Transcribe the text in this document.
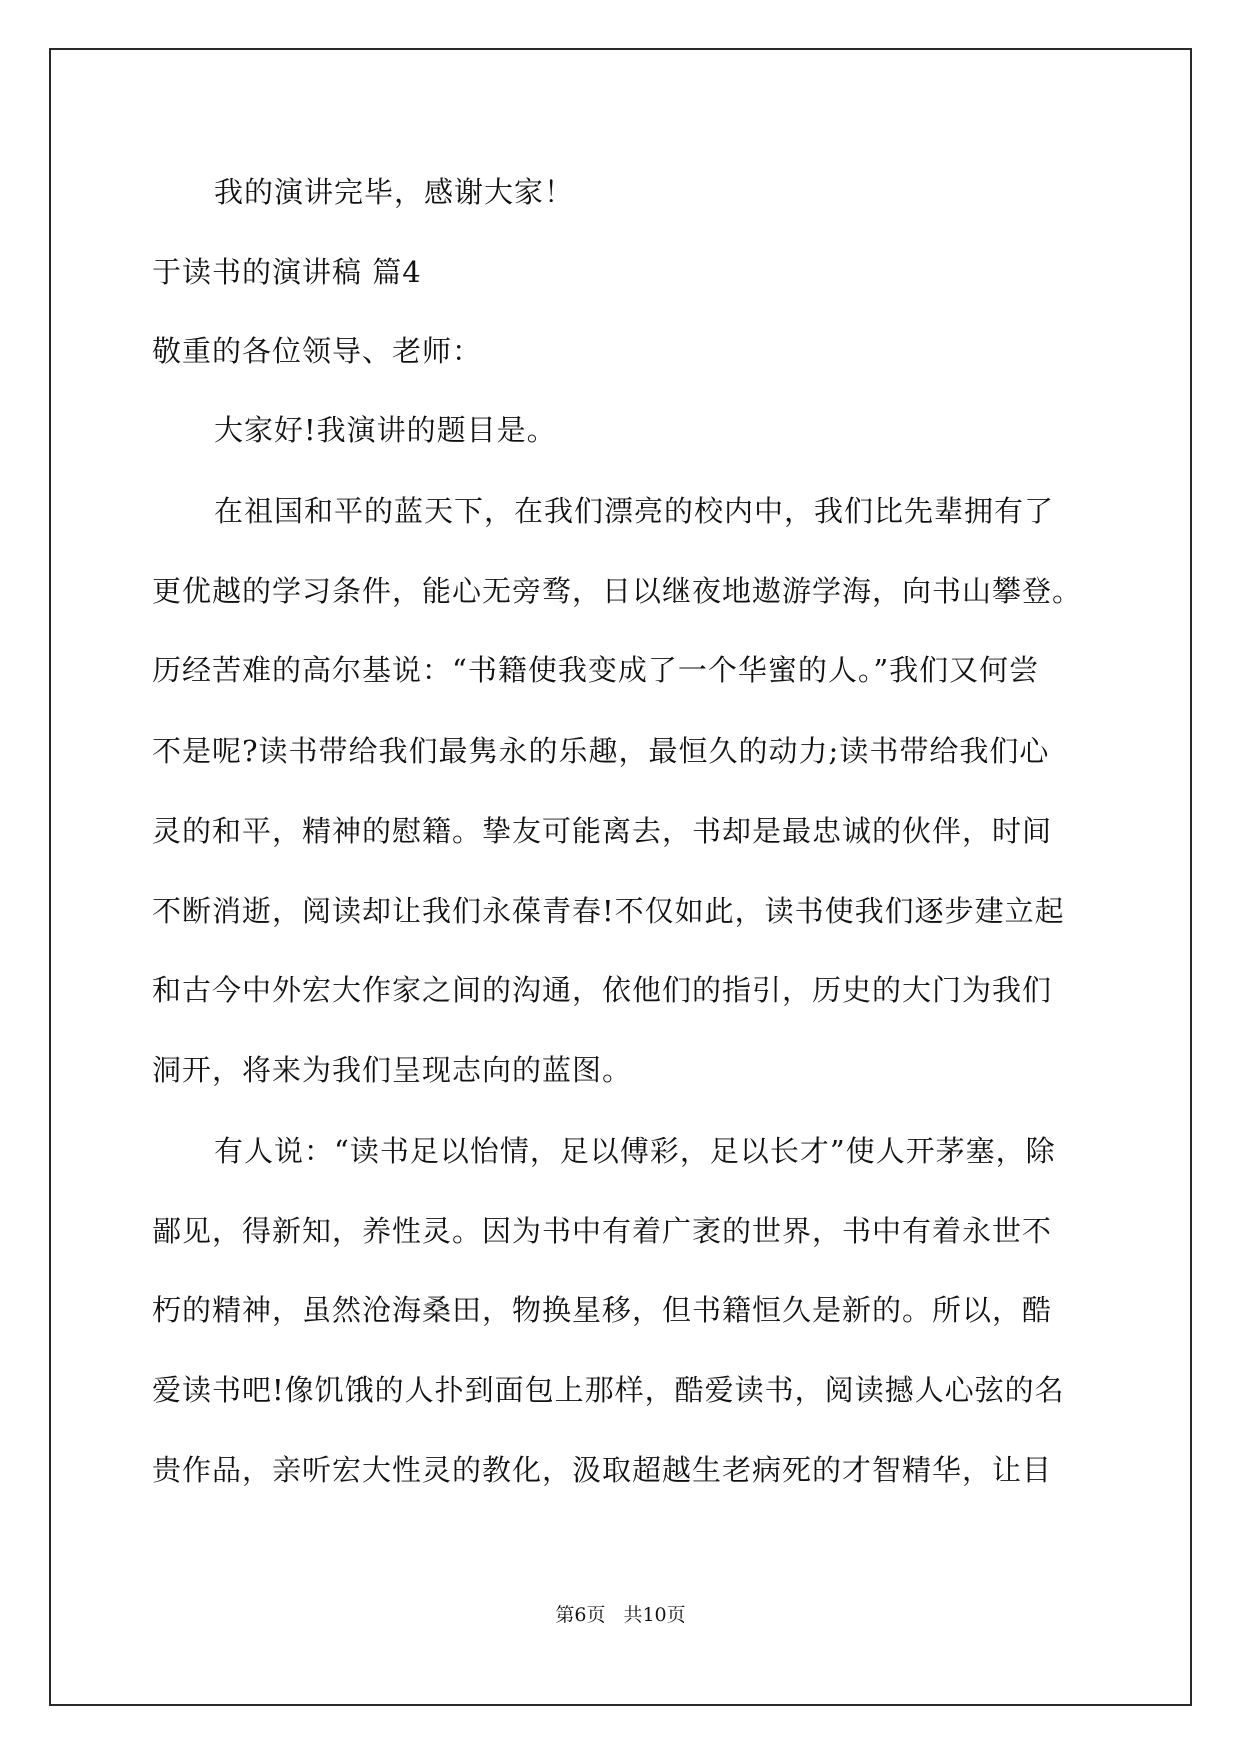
我的演讲完毕，感谢大家！

于读书的演讲稿 篇4

敬重的各位领导、老师：

大家好!我演讲的题目是。

在祖国和平的蓝天下，在我们漂亮的校内中，我们比先辈拥有了

更优越的学习条件，能心无旁骛，日以继夜地遨游学海，向书山攀登。

历经苦难的高尔基说：“书籍使我变成了一个华蜜的人。”我们又何尝

不是呢?读书带给我们最隽永的乐趣，最恒久的动力;读书带给我们心

灵的和平，精神的慰籍。挚友可能离去，书却是最忠诚的伙伴，时间

不断消逝，阅读却让我们永葆青春!不仅如此，读书使我们逐步建立起

和古今中外宏大作家之间的沟通，依他们的指引，历史的大门为我们

洞开，将来为我们呈现志向的蓝图。

有人说：“读书足以怡情，足以傅彩，足以长才”使人开茅塞，除

鄙见，得新知，养性灵。因为书中有着广袤的世界，书中有着永世不

朽的精神，虽然沧海桑田，物换星移，但书籍恒久是新的。所以，酷

爱读书吧!像饥饿的人扑到面包上那样，酷爱读书，阅读撼人心弦的名

贵作品，亲听宏大性灵的教化，汲取超越生老病死的才智精华，让目

第6页 共10页
